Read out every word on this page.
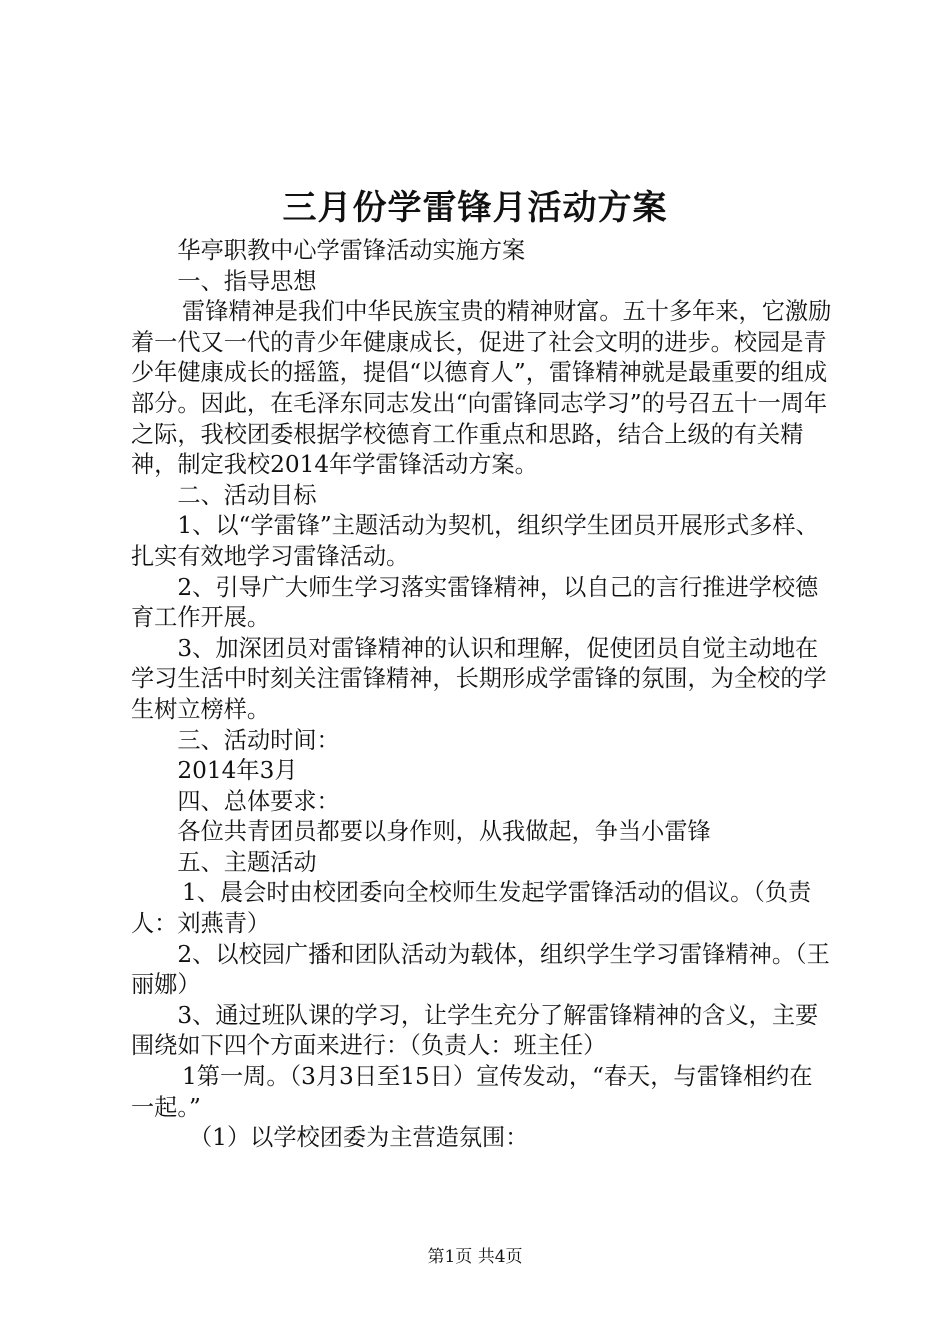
三月份学雷锋月活动方案

华亭职教中心学雷锋活动实施方案

一、指导思想

雷锋精神是我们中华民族宝贵的精神财富。五十多年来，它激励着一代又一代的青少年健康成长，促进了社会文明的进步。校园是青少年健康成长的摇篮，提倡“以德育人”，雷锋精神就是最重要的组成部分。因此，在毛泽东同志发出“向雷锋同志学习”的号召五十一周年之际，我校团委根据学校德育工作重点和思路，结合上级的有关精神，制定我校2014年学雷锋活动方案。

二、活动目标

1、以“学雷锋”主题活动为契机，组织学生团员开展形式多样、扎实有效地学习雷锋活动。

2、引导广大师生学习落实雷锋精神，以自己的言行推进学校德育工作开展。

3、加深团员对雷锋精神的认识和理解，促使团员自觉主动地在学习生活中时刻关注雷锋精神，长期形成学雷锋的氛围，为全校的学生树立榜样。

三、活动时间：

2014年3月

四、总体要求：

各位共青团员都要以身作则，从我做起，争当小雷锋

五、主题活动

1、晨会时由校团委向全校师生发起学雷锋活动的倡议。（负责人：刘燕青）

2、以校园广播和团队活动为载体，组织学生学习雷锋精神。（王丽娜）

3、通过班队课的学习，让学生充分了解雷锋精神的含义，主要围绕如下四个方面来进行：（负责人：班主任）

1第一周。（3月3日至15日）宣传发动，“春天，与雷锋相约在一起。”

（1）以学校团委为主营造氛围：

第1页 共4页
